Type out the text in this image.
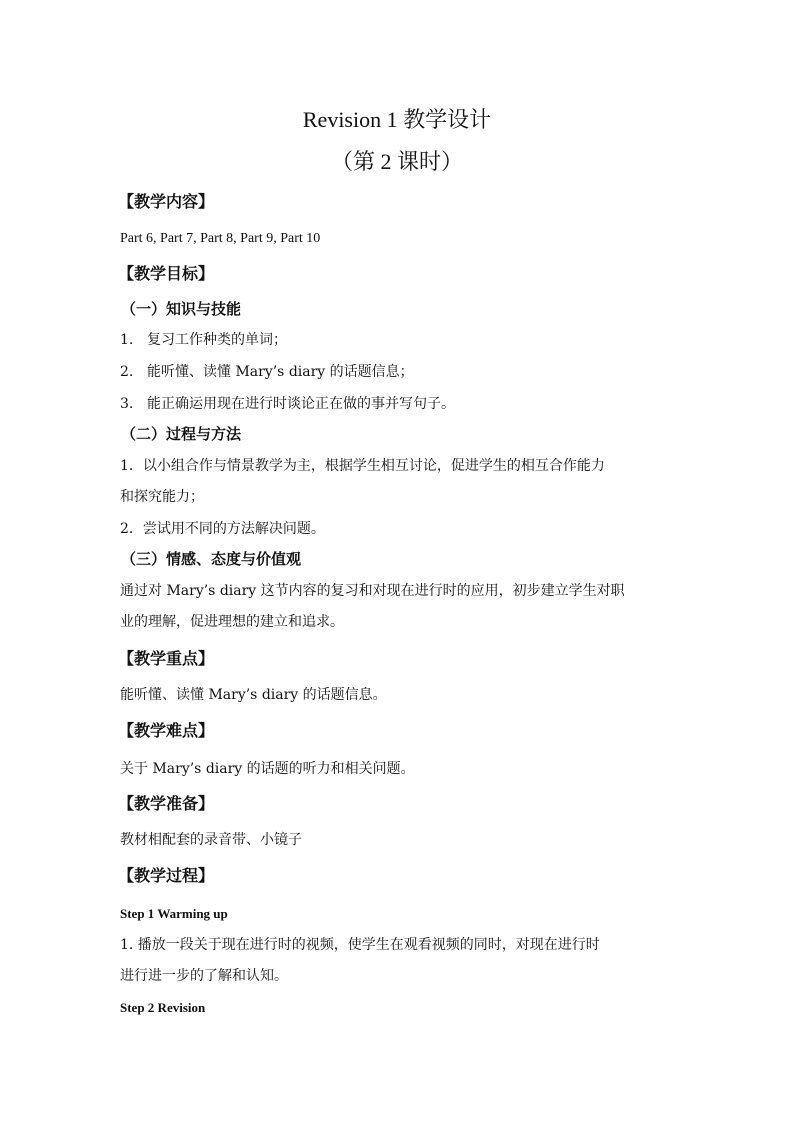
Revision 1 教学设计
（第 2 课时）
【教学内容】
Part 6, Part 7, Part 8, Part 9, Part 10
【教学目标】
（一）知识与技能
1. 复习工作种类的单词；
2. 能听懂、读懂 Mary’s diary 的话题信息；
3. 能正确运用现在进行时谈论正在做的事并写句子。
（二）过程与方法
1．以小组合作与情景教学为主，根据学生相互讨论，促进学生的相互合作能力
和探究能力；
2．尝试用不同的方法解决问题。
（三）情感、态度与价值观
通过对 Mary’s diary 这节内容的复习和对现在进行时的应用，初步建立学生对职
业的理解，促进理想的建立和追求。
【教学重点】
能听懂、读懂 Mary’s diary 的话题信息。
【教学难点】
关于 Mary’s diary 的话题的听力和相关问题。
【教学准备】
教材相配套的录音带、小镜子
【教学过程】
Step 1 Warming up
1. 播放一段关于现在进行时的视频，使学生在观看视频的同时，对现在进行时
进行进一步的了解和认知。
Step 2 Revision
